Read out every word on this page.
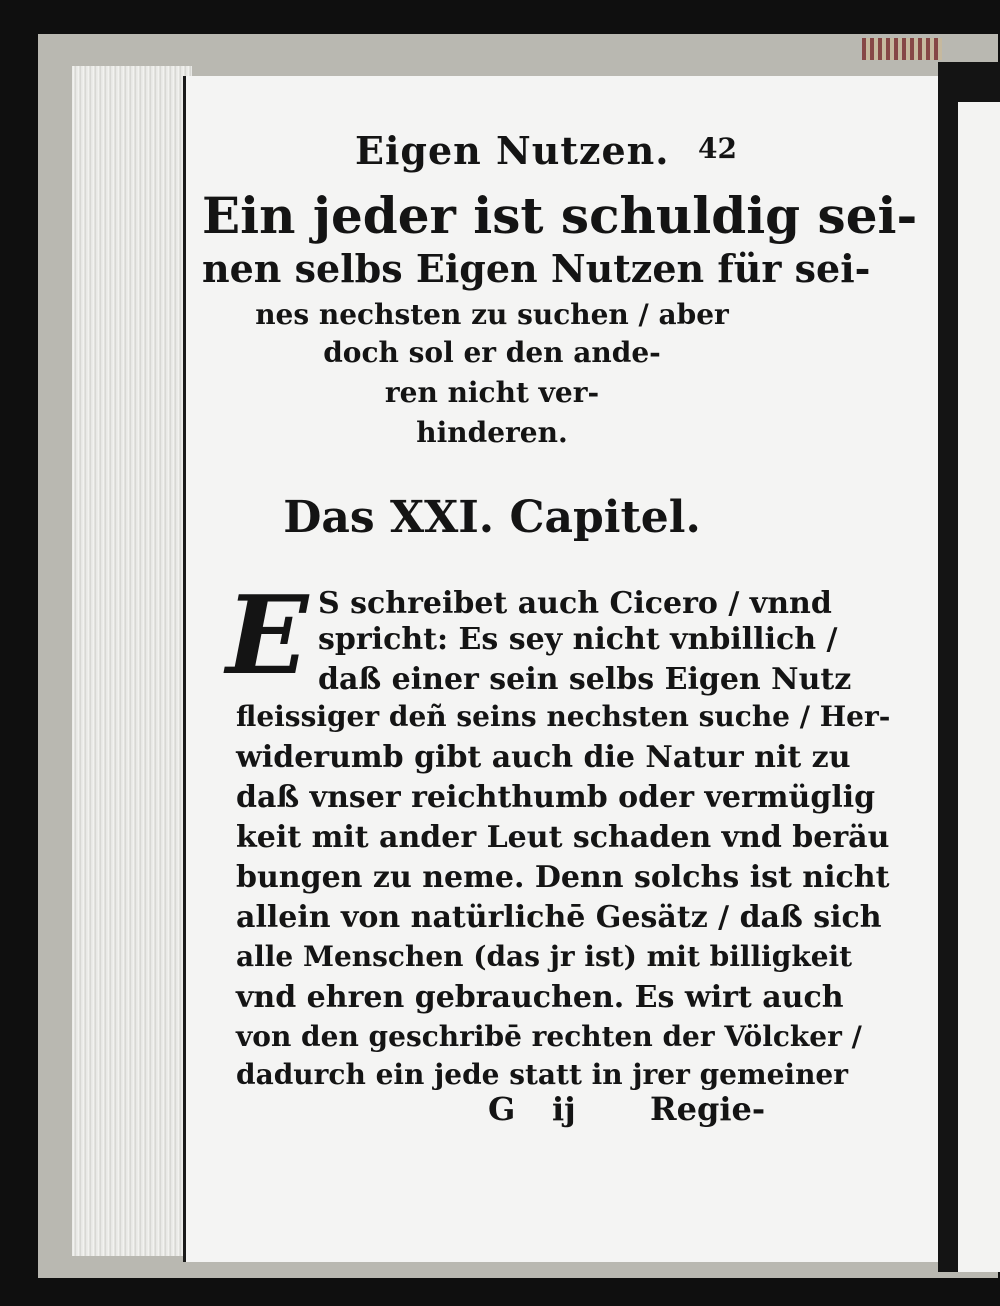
Eigen Nutzen. 42
Ein jeder ist schuldig sei-
nen selbs Eigen Nutzen für sei-
nes nechsten zu suchen / aber
doch sol er den ande-
ren nicht ver-
hinderen.
Das XXI. Capitel.
E S schreibet auch Cicero / vnnd
spricht: Es sey nicht vnbillich /
daß einer sein selbs Eigen Nutz
fleissiger deñ seins nechsten suche / Her-
widerumb gibt auch die Natur nit zu
daß vnser reichthumb oder vermüglig
keit mit ander Leut schaden vnd beräu
bungen zu neme. Denn solchs ist nicht
allein von natürlichē Gesätz / daß sich
alle Menschen (das jr ist) mit billigkeit
vnd ehren gebrauchen. Es wirt auch
von den geschribē rechten der Völcker /
dadurch ein jede statt in jrer gemeiner
G ij Regie-
